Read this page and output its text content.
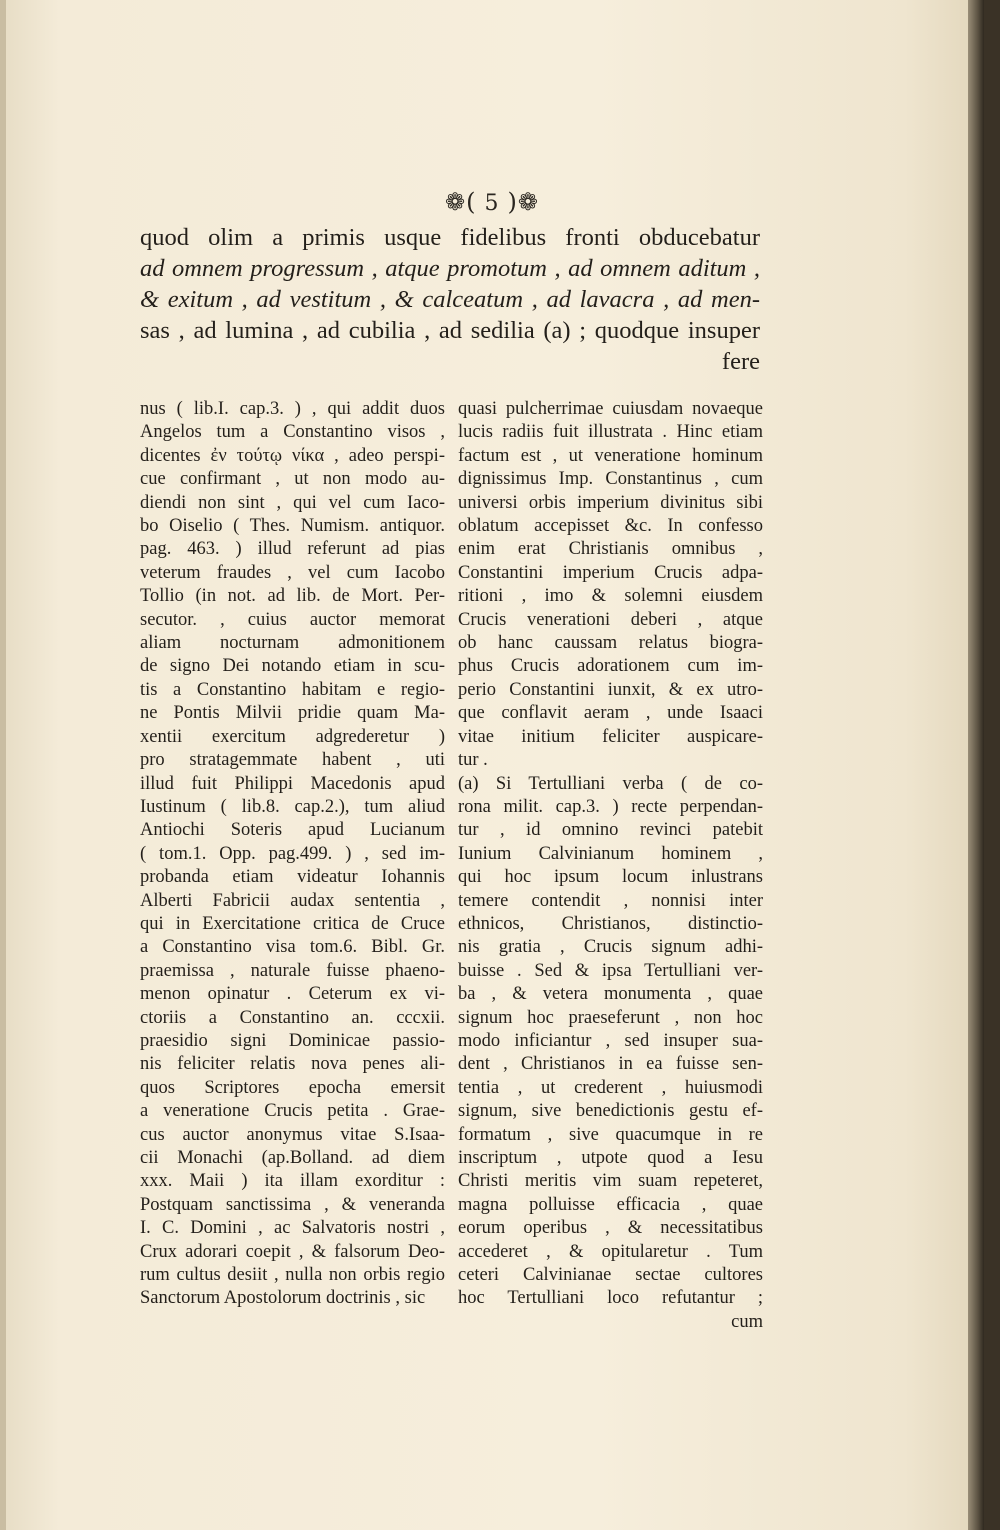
❁( 5 )❁
quod olim a primis usque fidelibus fronti obducebatur
ad omnem progressum , atque promotum , ad omnem aditum ,
& exitum , ad vestitum , & calceatum , ad lavacra , ad men-
sas , ad lumina , ad cubilia , ad sedilia (a) ; quodque insuper
fere
nus ( lib.I. cap.3. ) , qui addit duos
Angelos tum a Constantino visos ,
dicentes ἐν τούτῳ νίκα , adeo perspi-
cue confirmant , ut non modo au-
diendi non sint , qui vel cum Iaco-
bo Oiselio ( Thes. Numism. antiquor.
pag. 463. ) illud referunt ad pias
veterum fraudes , vel cum Iacobo
Tollio (in not. ad lib. de Mort. Per-
secutor. , cuius auctor memorat
aliam nocturnam admonitionem
de signo Dei notando etiam in scu-
tis a Constantino habitam e regio-
ne Pontis Milvii pridie quam Ma-
xentii exercitum adgrederetur )
pro stratagemmate habent , uti
illud fuit Philippi Macedonis apud
Iustinum ( lib.8. cap.2.), tum aliud
Antiochi Soteris apud Lucianum
( tom.1. Opp. pag.499. ) , sed im-
probanda etiam videatur Iohannis
Alberti Fabricii audax sententia ,
qui in Exercitatione critica de Cruce
a Constantino visa tom.6. Bibl. Gr.
praemissa , naturale fuisse phaeno-
menon opinatur . Ceterum ex vi-
ctoriis a Constantino an. cccxii.
praesidio signi Dominicae passio-
nis feliciter relatis nova penes ali-
quos Scriptores epocha emersit
a veneratione Crucis petita . Grae-
cus auctor anonymus vitae S.Isaa-
cii Monachi (ap.Bolland. ad diem
xxx. Maii ) ita illam exorditur :
Postquam sanctissima , & veneranda
I. C. Domini , ac Salvatoris nostri ,
Crux adorari coepit , & falsorum Deo-
rum cultus desiit , nulla non orbis regio
Sanctorum Apostolorum doctrinis , sic
quasi pulcherrimae cuiusdam novaeque
lucis radiis fuit illustrata . Hinc etiam
factum est , ut veneratione hominum
dignissimus Imp. Constantinus , cum
universi orbis imperium divinitus sibi
oblatum accepisset &c. In confesso
enim erat Christianis omnibus ,
Constantini imperium Crucis adpa-
ritioni , imo & solemni eiusdem
Crucis venerationi deberi , atque
ob hanc caussam relatus biogra-
phus Crucis adorationem cum im-
perio Constantini iunxit, & ex utro-
que conflavit aeram , unde Isaaci
vitae initium feliciter auspicare-
tur .
(a) Si Tertulliani verba ( de co-
rona milit. cap.3. ) recte perpendan-
tur , id omnino revinci patebit
Iunium Calvinianum hominem ,
qui hoc ipsum locum inlustrans
temere contendit , nonnisi inter
ethnicos, Christianos, distinctio-
nis gratia , Crucis signum adhi-
buisse . Sed & ipsa Tertulliani ver-
ba , & vetera monumenta , quae
signum hoc praeseferunt , non hoc
modo inficiantur , sed insuper sua-
dent , Christianos in ea fuisse sen-
tentia , ut crederent , huiusmodi
signum, sive benedictionis gestu ef-
formatum , sive quacumque in re
inscriptum , utpote quod a Iesu
Christi meritis vim suam repeteret,
magna polluisse efficacia , quae
eorum operibus , & necessitatibus
accederet , & opitularetur . Tum
ceteri Calvinianae sectae cultores
hoc Tertulliani loco refutantur ;
cum
